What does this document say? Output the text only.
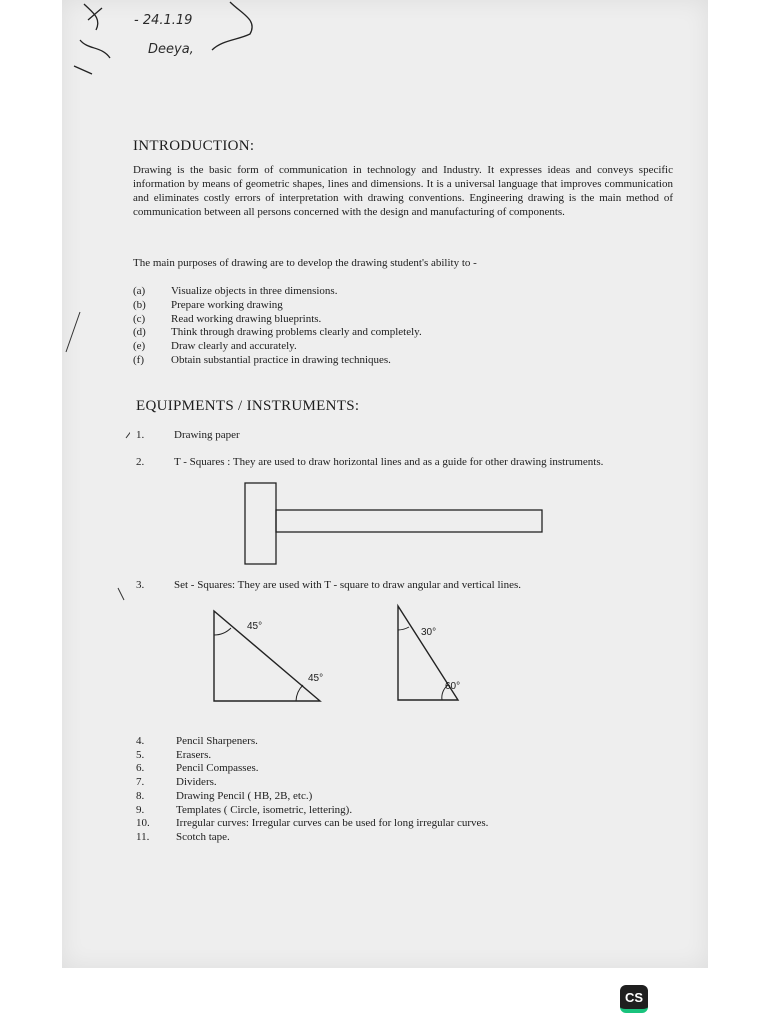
- 24.1.19
Deeya,
INTRODUCTION:

Drawing is the basic form of communication in technology and Industry. It expresses ideas and conveys specific information by means of geometric shapes, lines and dimensions. It is a universal language that improves communication and eliminates costly errors of interpretation with drawing conventions. Engineering drawing is the main method of communication between all persons concerned with the design and manufacturing of components.

The main purposes of drawing are to develop the drawing student's ability to -

(a)	Visualize objects in three dimensions.
(b)	Prepare working drawing
(c)	Read working drawing blueprints.
(d)	Think through drawing problems clearly and completely.
(e)	Draw clearly and accurately.
(f)	Obtain substantial practice in drawing techniques.
EQUIPMENTS / INSTRUMENTS:
1.	Drawing paper
2.	T - Squares : They are used to draw horizontal lines and as a guide for other drawing instruments.
3.	Set - Squares: They are used with T - square to draw angular and vertical lines.
45°
45°
30°
60°
4.	Pencil Sharpeners.
5.	Erasers.
6.	Pencil Compasses.
7.	Dividers.
8.	Drawing Pencil ( HB, 2B, etc.)
9.	Templates ( Circle, isometric, lettering).
10.	Irregular curves: Irregular curves can be used for long irregular curves.
11.	Scotch tape.
CS
